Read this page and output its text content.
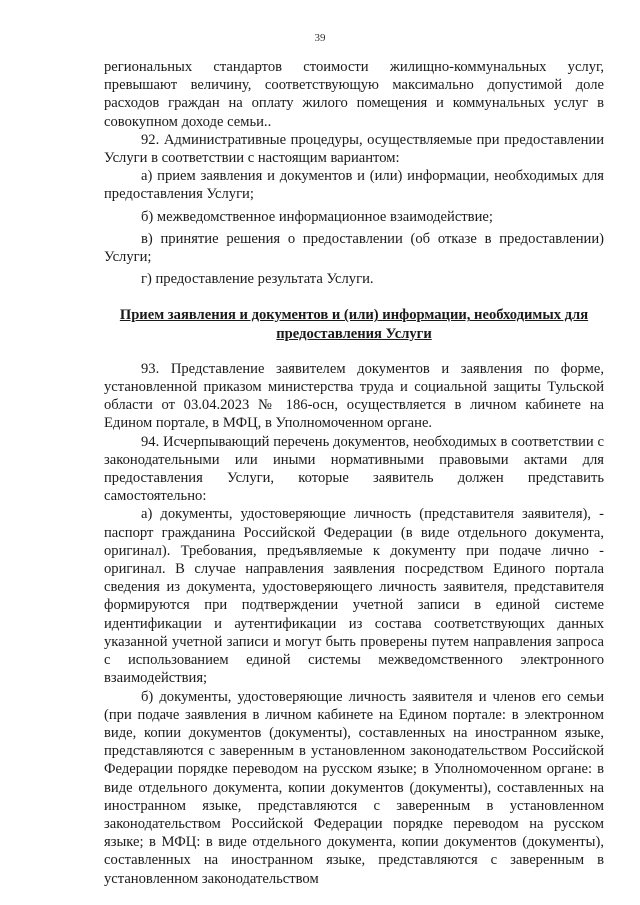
39

региональных стандартов стоимости жилищно-коммунальных услуг, превышают величину, соответствующую максимально допустимой доле расходов граждан на оплату жилого помещения и коммунальных услуг в совокупном доходе семьи..

92. Административные процедуры, осуществляемые при предоставлении Услуги в соответствии с настоящим вариантом:

а) прием заявления и документов и (или) информации, необходимых для предоставления Услуги;

б) межведомственное информационное взаимодействие;

в) принятие решения о предоставлении (об отказе в предоставлении) Услуги;

г) предоставление результата Услуги.

Прием заявления и документов и (или) информации, необходимых для предоставления Услуги

93. Представление заявителем документов и заявления по форме, установленной приказом министерства труда и социальной защиты Тульской области от 03.04.2023 № 186-осн, осуществляется в личном кабинете на Едином портале, в МФЦ, в Уполномоченном органе.

94. Исчерпывающий перечень документов, необходимых в соответствии с законодательными или иными нормативными правовыми актами для предоставления Услуги, которые заявитель должен представить самостоятельно:

а) документы, удостоверяющие личность (представителя заявителя), - паспорт гражданина Российской Федерации (в виде отдельного документа, оригинал). Требования, предъявляемые к документу при подаче лично - оригинал. В случае направления заявления посредством Единого портала сведения из документа, удостоверяющего личность заявителя, представителя формируются при подтверждении учетной записи в единой системе идентификации и аутентификации из состава соответствующих данных указанной учетной записи и могут быть проверены путем направления запроса с использованием единой системы межведомственного электронного взаимодействия;

б) документы, удостоверяющие личность заявителя и членов его семьи (при подаче заявления в личном кабинете на Едином портале: в электронном виде, копии документов (документы), составленных на иностранном языке, представляются с заверенным в установленном законодательством Российской Федерации порядке переводом на русском языке; в Уполномоченном органе: в виде отдельного документа, копии документов (документы), составленных на иностранном языке, представляются с заверенным в установленном законодательством Российской Федерации порядке переводом на русском языке; в МФЦ: в виде отдельного документа, копии документов (документы), составленных на иностранном языке, представляются с заверенным в установленном законодательством
